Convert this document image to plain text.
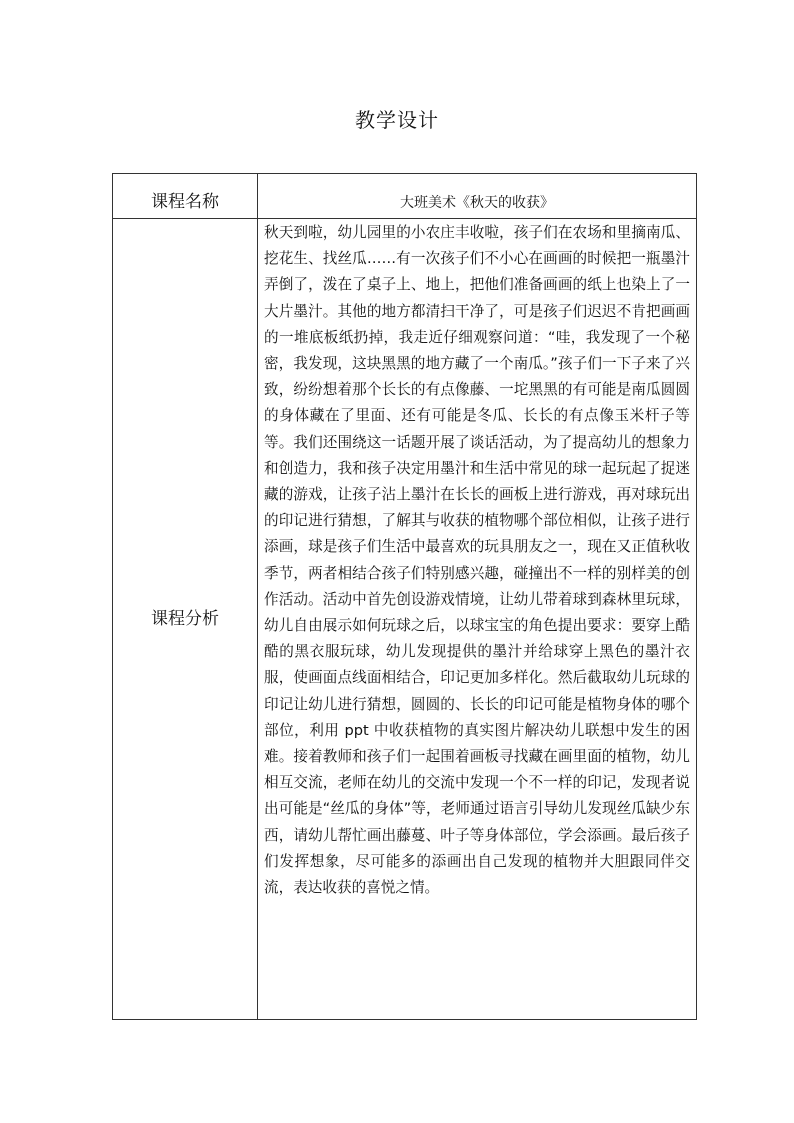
教学设计
课程名称	大班美术《秋天的收获》
课程分析	秋天到啦，幼儿园里的小农庄丰收啦，孩子们在农场和里摘南瓜、挖花生、找丝瓜……有一次孩子们不小心在画画的时候把一瓶墨汁弄倒了，泼在了桌子上、地上，把他们准备画画的纸上也染上了一大片墨汁。其他的地方都清扫干净了，可是孩子们迟迟不肯把画画的一堆底板纸扔掉，我走近仔细观察问道：“哇，我发现了一个秘密，我发现，这块黑黑的地方藏了一个南瓜。”孩子们一下子来了兴致，纷纷想着那个长长的有点像藤、一坨黑黑的有可能是南瓜圆圆的身体藏在了里面、还有可能是冬瓜、长长的有点像玉米杆子等等。我们还围绕这一话题开展了谈话活动，为了提高幼儿的想象力和创造力，我和孩子决定用墨汁和生活中常见的球一起玩起了捉迷藏的游戏，让孩子沾上墨汁在长长的画板上进行游戏，再对球玩出的印记进行猜想，了解其与收获的植物哪个部位相似，让孩子进行添画，球是孩子们生活中最喜欢的玩具朋友之一，现在又正值秋收季节，两者相结合孩子们特别感兴趣，碰撞出不一样的别样美的创作活动。活动中首先创设游戏情境，让幼儿带着球到森林里玩球，幼儿自由展示如何玩球之后，以球宝宝的角色提出要求：要穿上酷酷的黑衣服玩球，幼儿发现提供的墨汁并给球穿上黑色的墨汁衣服，使画面点线面相结合，印记更加多样化。然后截取幼儿玩球的印记让幼儿进行猜想，圆圆的、长长的印记可能是植物身体的哪个部位，利用 ppt 中收获植物的真实图片解决幼儿联想中发生的困难。接着教师和孩子们一起围着画板寻找藏在画里面的植物，幼儿相互交流，老师在幼儿的交流中发现一个不一样的印记，发现者说出可能是“丝瓜的身体”等，老师通过语言引导幼儿发现丝瓜缺少东西，请幼儿帮忙画出藤蔓、叶子等身体部位，学会添画。最后孩子们发挥想象，尽可能多的添画出自己发现的植物并大胆跟同伴交流，表达收获的喜悦之情。
